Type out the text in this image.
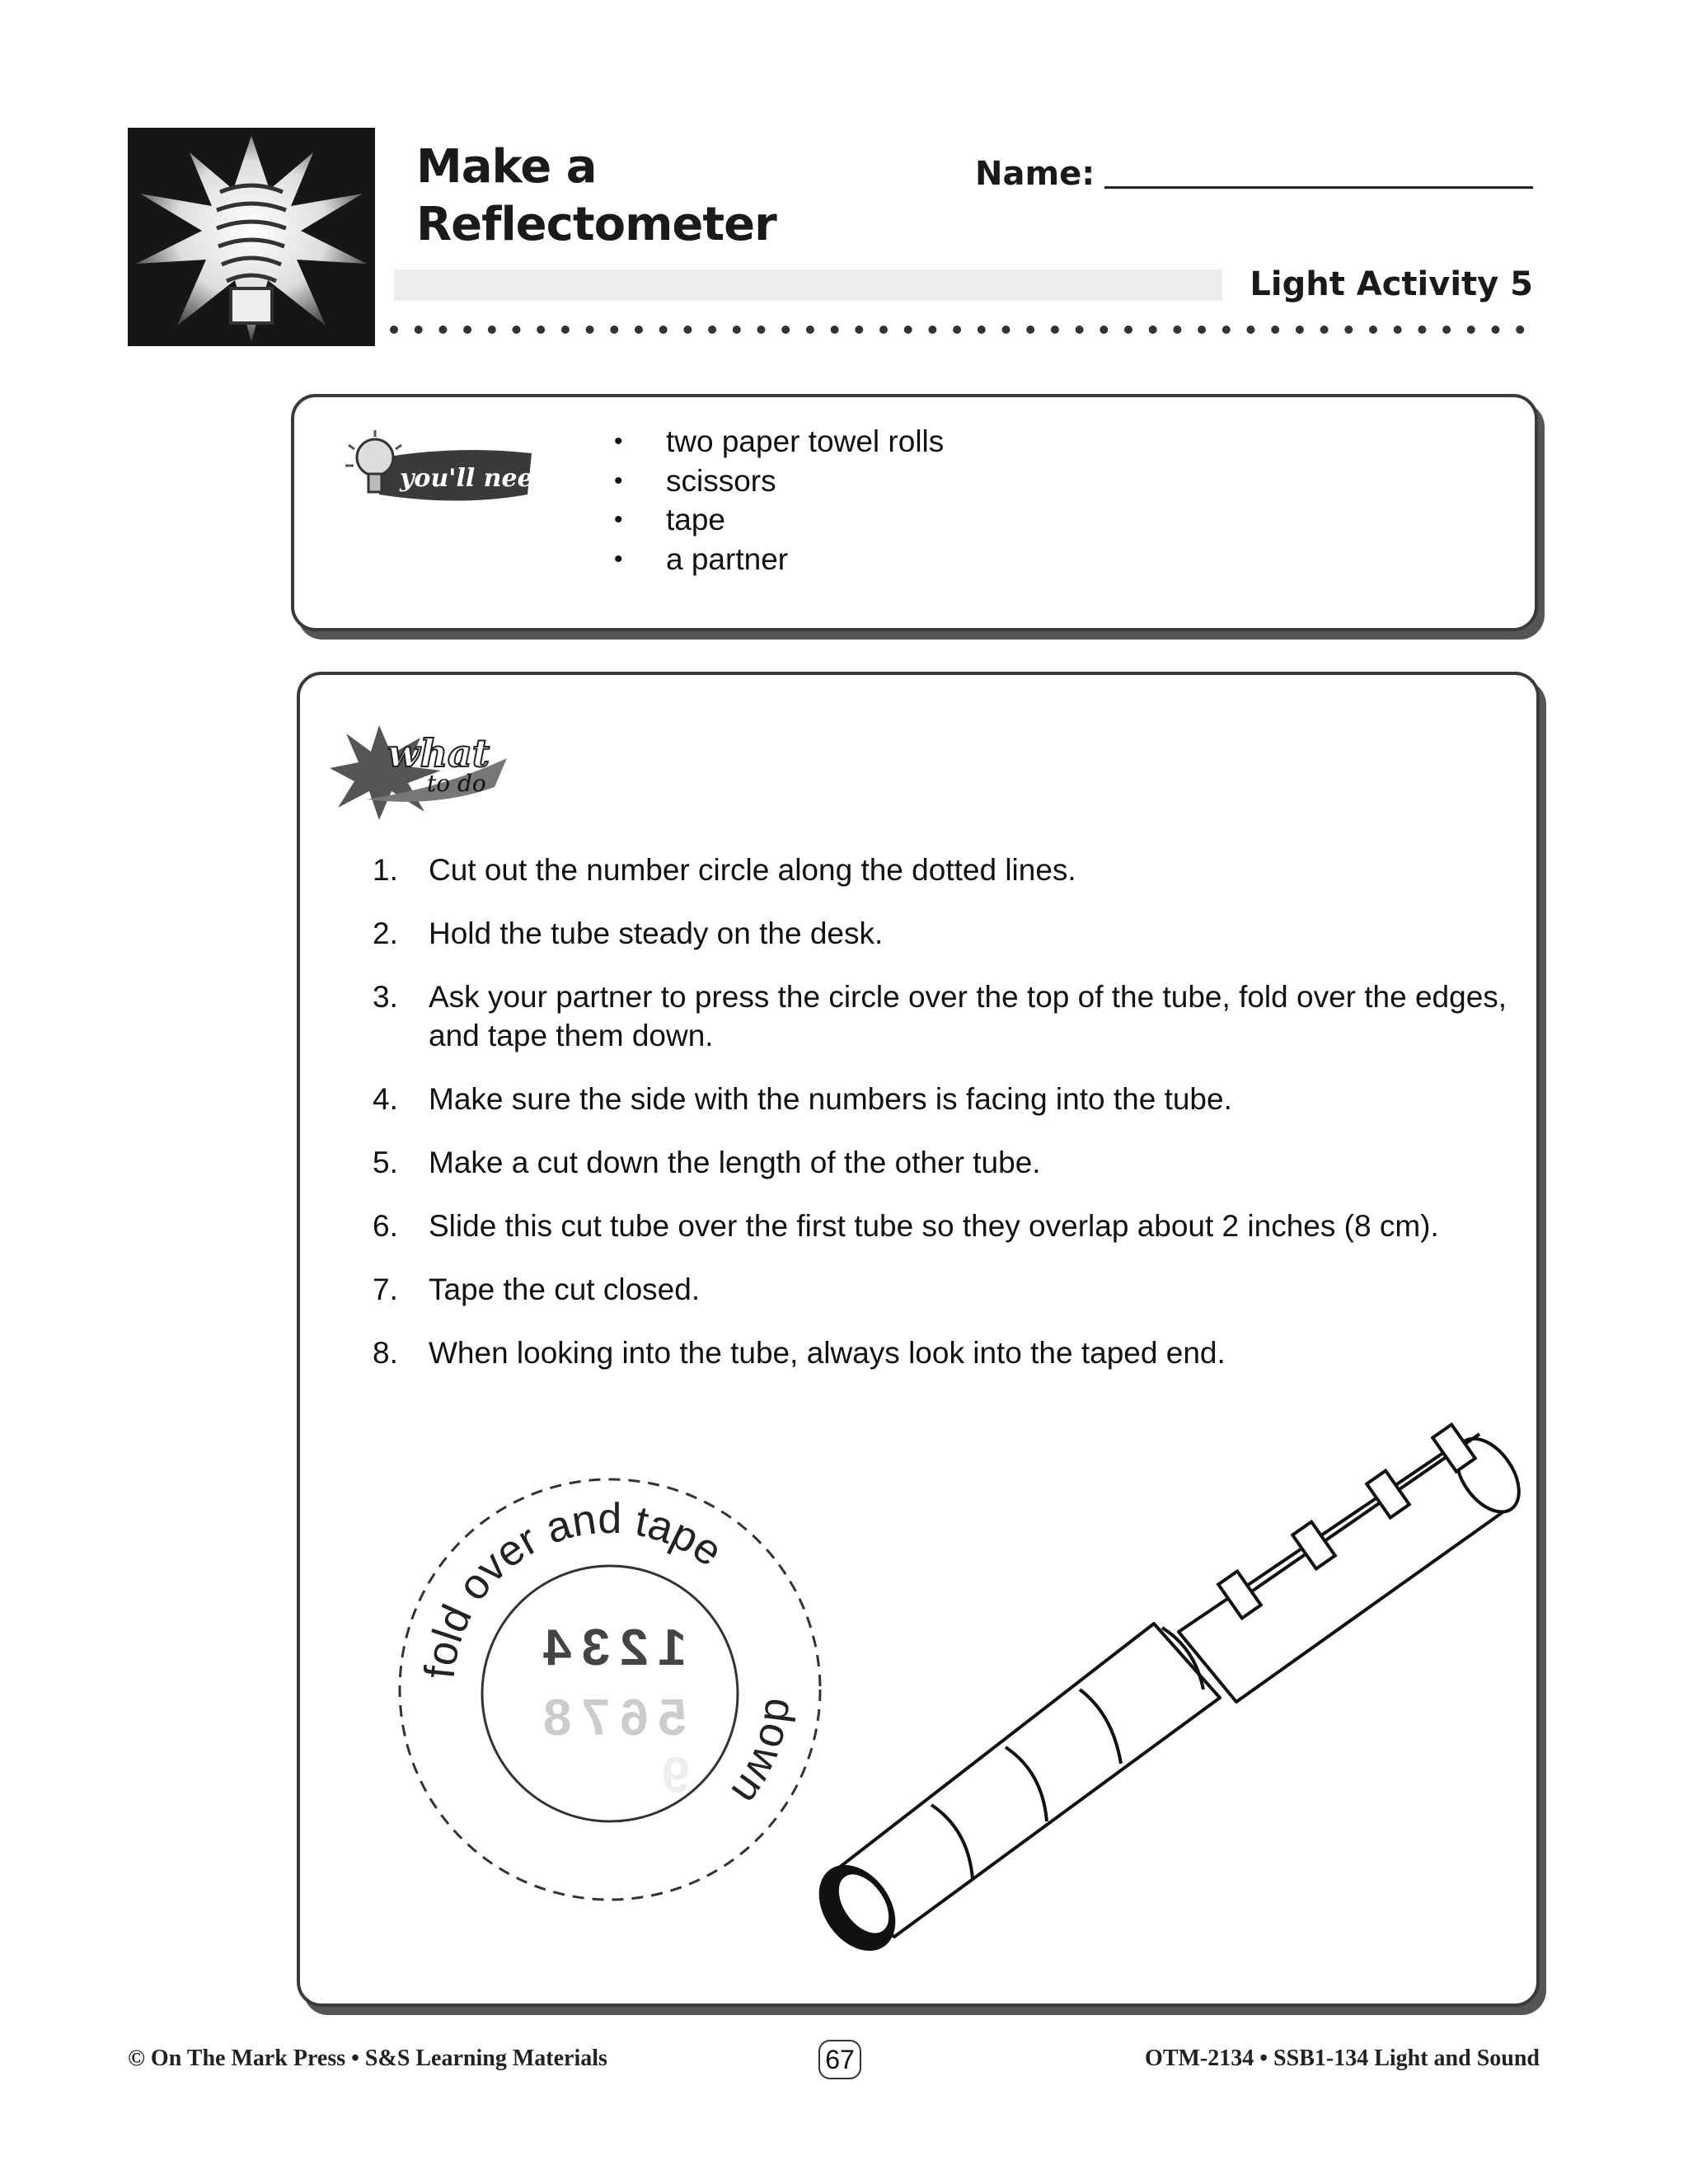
Make a
Reflectometer
Name:
Light Activity 5
you'll need:
• two paper towel rolls
• scissors
• tape
• a partner
what
to do
1.	Cut out the number circle along the dotted lines.
2.	Hold the tube steady on the desk.
3.	Ask your partner to press the circle over the top of the tube, fold over the edges, and tape them down.
4.	Make sure the side with the numbers is facing into the tube.
5.	Make a cut down the length of the other tube.
6.	Slide this cut tube over the first tube so they overlap about 2 inches (8 cm).
7.	Tape the cut closed.
8.	When looking into the tube, always look into the taped end.
fold over and tape
down
1234
5678
9
© On The Mark Press • S&S Learning Materials	67	OTM-2134 • SSB1-134 Light and Sound
